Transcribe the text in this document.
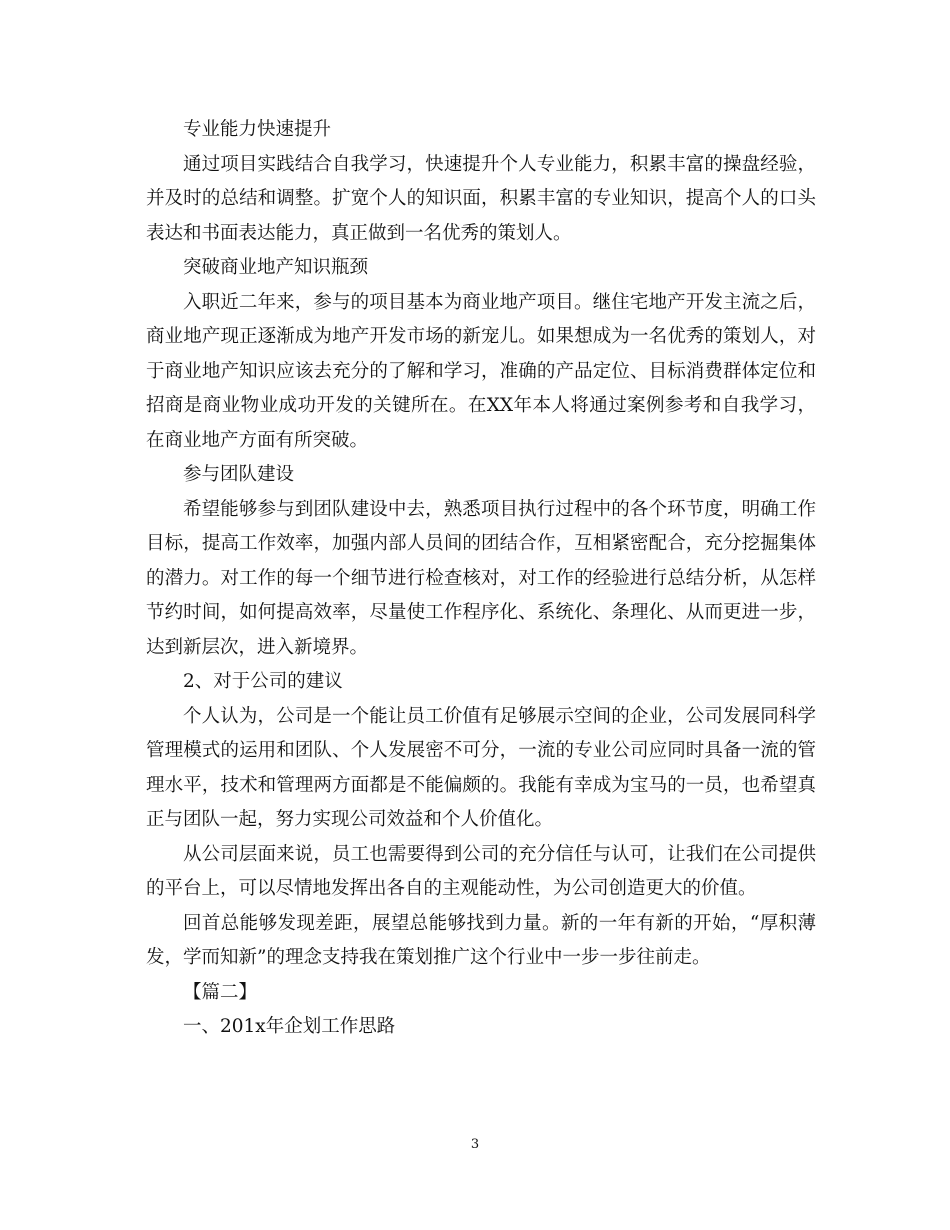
专业能力快速提升

通过项目实践结合自我学习，快速提升个人专业能力，积累丰富的操盘经验，并及时的总结和调整。扩宽个人的知识面，积累丰富的专业知识，提高个人的口头表达和书面表达能力，真正做到一名优秀的策划人。

突破商业地产知识瓶颈

入职近二年来，参与的项目基本为商业地产项目。继住宅地产开发主流之后，商业地产现正逐渐成为地产开发市场的新宠儿。如果想成为一名优秀的策划人，对于商业地产知识应该去充分的了解和学习，准确的产品定位、目标消费群体定位和招商是商业物业成功开发的关键所在。在XX年本人将通过案例参考和自我学习，在商业地产方面有所突破。

参与团队建设

希望能够参与到团队建设中去，熟悉项目执行过程中的各个环节度，明确工作目标，提高工作效率，加强内部人员间的团结合作，互相紧密配合，充分挖掘集体的潜力。对工作的每一个细节进行检查核对，对工作的经验进行总结分析，从怎样节约时间，如何提高效率，尽量使工作程序化、系统化、条理化、从而更进一步，达到新层次，进入新境界。

2、对于公司的建议

个人认为，公司是一个能让员工价值有足够展示空间的企业，公司发展同科学管理模式的运用和团队、个人发展密不可分，一流的专业公司应同时具备一流的管理水平，技术和管理两方面都是不能偏颇的。我能有幸成为宝马的一员，也希望真正与团队一起，努力实现公司效益和个人价值化。

从公司层面来说，员工也需要得到公司的充分信任与认可，让我们在公司提供的平台上，可以尽情地发挥出各自的主观能动性，为公司创造更大的价值。

回首总能够发现差距，展望总能够找到力量。新的一年有新的开始，“厚积薄发，学而知新”的理念支持我在策划推广这个行业中一步一步往前走。

【篇二】

一、201x年企划工作思路

3
